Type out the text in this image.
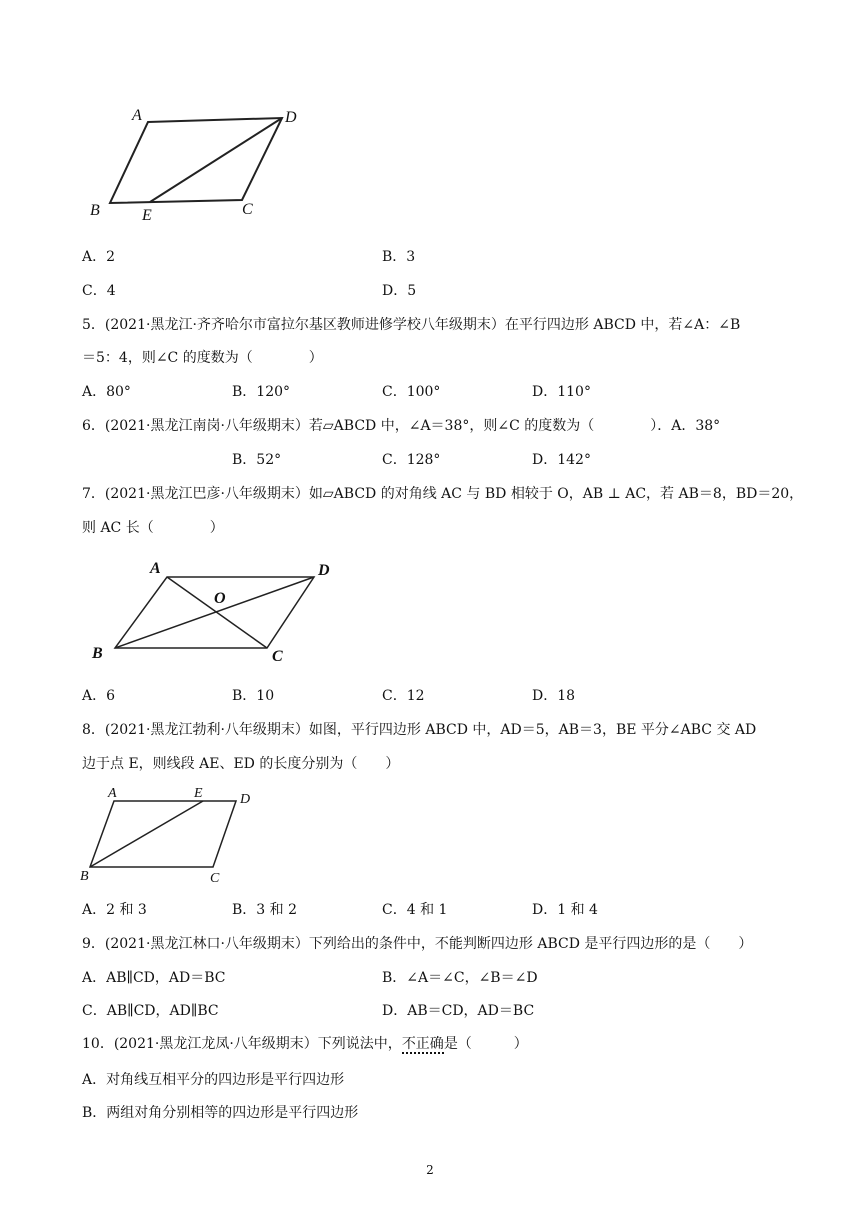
A	D
B	E	C
A．2	B．3
C．4	D．5
5．(2021·黑龙江·齐齐哈尔市富拉尔基区教师进修学校八年级期末）在平行四边形 ABCD 中，若∠A：∠B
＝5：4，则∠C 的度数为（　　　　）
A．80°	B．120°	C．100°	D．110°
6．(2021·黑龙江南岗·八年级期末）若▱ABCD 中，∠A＝38°，则∠C 的度数为（　　　　）．A．38°
B．52°	C．128°	D．142°
7．(2021·黑龙江巴彦·八年级期末）如▱ABCD 的对角线 AC 与 BD 相较于 O，AB ⊥ AC，若 AB＝8，BD＝20，
则 AC 长（　　　　）
A	D
O
B	C
A．6	B．10	C．12	D．18
8．(2021·黑龙江勃利·八年级期末）如图，平行四边形 ABCD 中，AD＝5，AB＝3，BE 平分∠ABC 交 AD
边于点 E，则线段 AE、ED 的长度分别为（　　）
A	E	D
B	C
A．2 和 3	B．3 和 2	C．4 和 1	D．1 和 4
9．(2021·黑龙江林口·八年级期末）下列给出的条件中，不能判断四边形 ABCD 是平行四边形的是（　　）
A．AB∥CD，AD＝BC	B．∠A＝∠C，∠B＝∠D
C．AB∥CD，AD∥BC	D．AB＝CD，AD＝BC
10．(2021·黑龙江龙凤·八年级期末）下列说法中，不正确是（　　　）
A．对角线互相平分的四边形是平行四边形
B．两组对角分别相等的四边形是平行四边形
2
